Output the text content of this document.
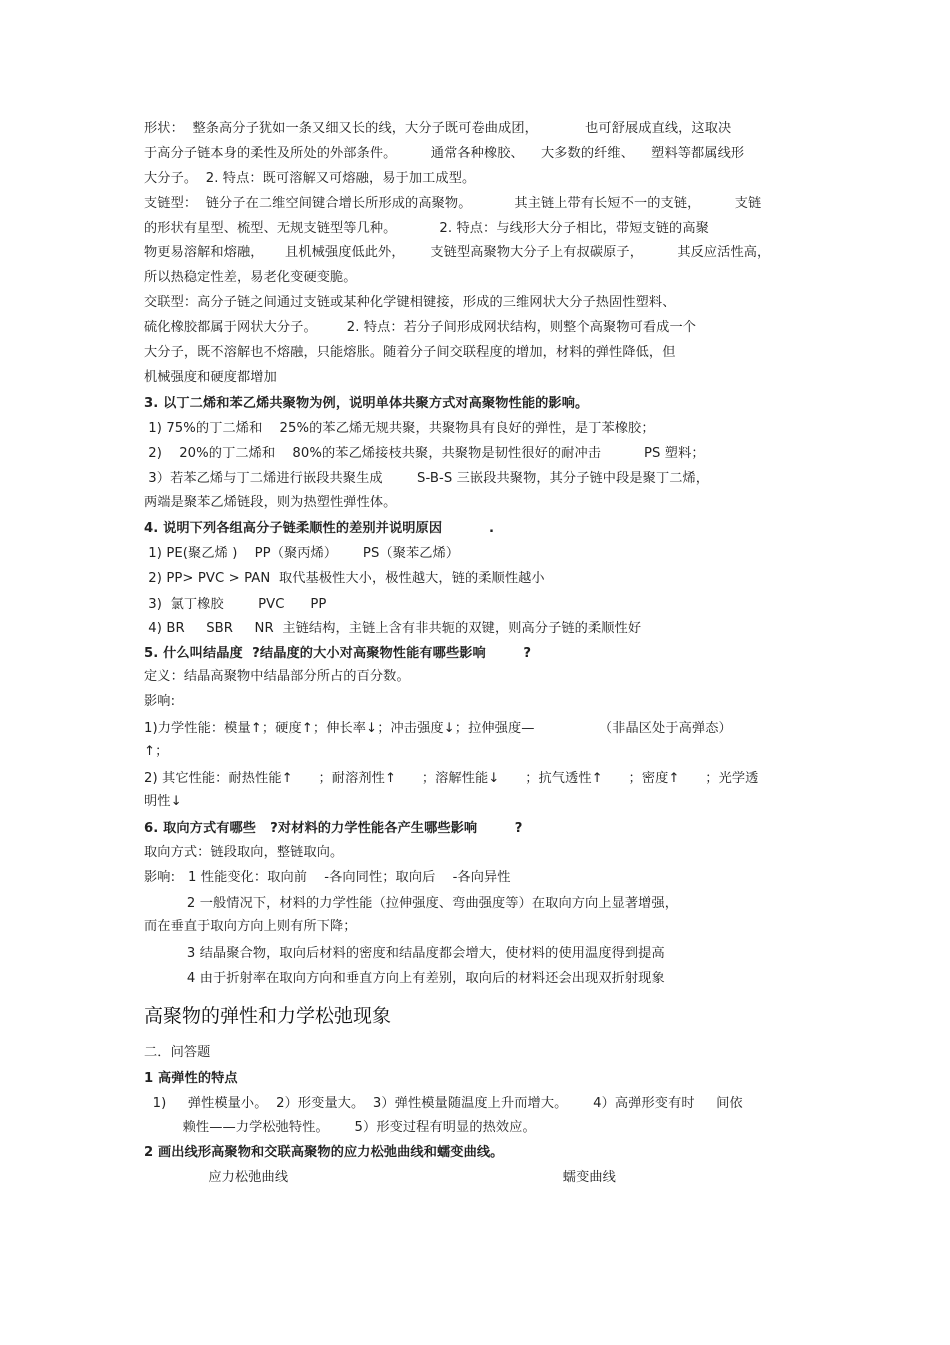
形状：  整条高分子犹如一条又细又长的线，大分子既可卷曲成团，           也可舒展成直线，这取决
于高分子链本身的柔性及所处的外部条件。        通常各种橡胶、    大多数的纤维、    塑料等都属线形
大分子。  2. 特点：既可溶解又可熔融，易于加工成型。
支链型：  链分子在二维空间键合增长所形成的高聚物。          其主链上带有长短不一的支链，        支链
的形状有星型、梳型、无规支链型等几种。          2. 特点：与线形大分子相比，带短支链的高聚
物更易溶解和熔融，     且机械强度低此外，      支链型高聚物大分子上有叔碳原子，        其反应活性高，
所以热稳定性差，易老化变硬变脆。
交联型：高分子链之间通过支链或某种化学键相键接，形成的三维网状大分子热固性塑料、
硫化橡胶都属于网状大分子。       2. 特点：若分子间形成网状结构，则整个高聚物可看成一个
大分子，既不溶解也不熔融，只能熔胀。随着分子间交联程度的增加，材料的弹性降低，但
机械强度和硬度都增加
3. 以丁二烯和苯乙烯共聚物为例，说明单体共聚方式对高聚物性能的影响。
1) 75%的丁二烯和    25%的苯乙烯无规共聚，共聚物具有良好的弹性，是丁苯橡胶；
2)    20%的丁二烯和    80%的苯乙烯接枝共聚，共聚物是韧性很好的耐冲击          PS 塑料；
3）若苯乙烯与丁二烯进行嵌段共聚生成        S-B-S 三嵌段共聚物，其分子链中段是聚丁二烯，
两端是聚苯乙烯链段，则为热塑性弹性体。
4. 说明下列各组高分子链柔顺性的差别并说明原因          .
1) PE(聚乙烯 )    PP（聚丙烯）      PS（聚苯乙烯）
2) PP> PVC > PAN  取代基极性大小，极性越大，链的柔顺性越小
3)  氯丁橡胶        PVC      PP
4) BR     SBR     NR  主链结构，主链上含有非共轭的双键，则高分子链的柔顺性好
5. 什么叫结晶度  ?结晶度的大小对高聚物性能有哪些影响        ?
定义：结晶高聚物中结晶部分所占的百分数。
影响:
1)力学性能：模量↑；硬度↑；伸长率↓；冲击强度↓；拉伸强度—               （非晶区处于高弹态）
↑；
2) 其它性能：耐热性能↑      ；耐溶剂性↑      ；溶解性能↓      ；抗气透性↑      ；密度↑      ；光学透
明性↓
6. 取向方式有哪些   ?对材料的力学性能各产生哪些影响        ?
取向方式：链段取向，整链取向。
影响:   1 性能变化：取向前    -各向同性；取向后    -各向异性
2 一般情况下，材料的力学性能（拉伸强度、弯曲强度等）在取向方向上显著增强，
而在垂直于取向方向上则有所下降；
3 结晶聚合物，取向后材料的密度和结晶度都会增大，使材料的使用温度得到提高
4 由于折射率在取向方向和垂直方向上有差别，取向后的材料还会出现双折射现象
高聚物的弹性和力学松弛现象
二．问答题
1 高弹性的特点
1)     弹性模量小。  2）形变量大。  3）弹性模量随温度上升而增大。      4）高弹形变有时     间依
赖性——力学松弛特性。      5）形变过程有明显的热效应。
2 画出线形高聚物和交联高聚物的应力松弛曲线和蠕变曲线。
应力松弛曲线                                                                蠕变曲线
